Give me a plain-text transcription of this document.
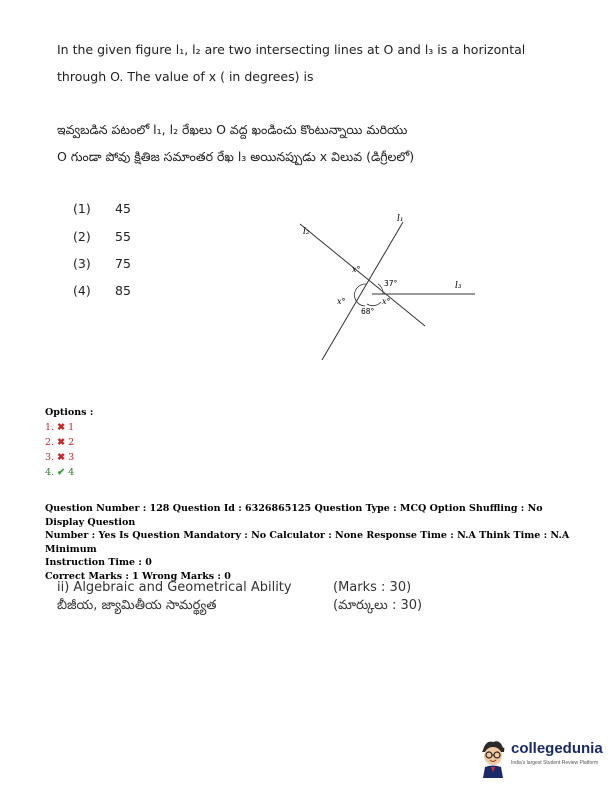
In the given figure l₁, l₂ are two intersecting lines at O and l₃ is a horizontal
through O. The value of x ( in degrees) is
ఇవ్వబడిన పటంలో l₁, l₂ రేఖలు O వద్ద ఖండించు కొంటున్నాయి మరియు
O గుండా పోవు క్షితిజ సమాంతర రేఖ l₃ అయినప్పుడు x విలువ (డిగ్రీలలో)
(1) 45
(2) 55
(3) 75
(4) 85
l₁
l₂
l₃
x°
x°	x°
37°
68°
Options :
1. ✖ 1
2. ✖ 2
3. ✖ 3
4. ✔ 4
Question Number : 128 Question Id : 6326865125 Question Type : MCQ Option Shuffling : No Display Question
Number : Yes Is Question Mandatory : No Calculator : None Response Time : N.A Think Time : N.A Minimum
Instruction Time : 0
Correct Marks : 1 Wrong Marks : 0
ii) Algebraic and Geometrical Ability
బీజీయ, జ్యామితీయ సామర్థ్యత
(Marks : 30)
(మార్కులు : 30)
collegedunia
India's largest Student Review Platform
